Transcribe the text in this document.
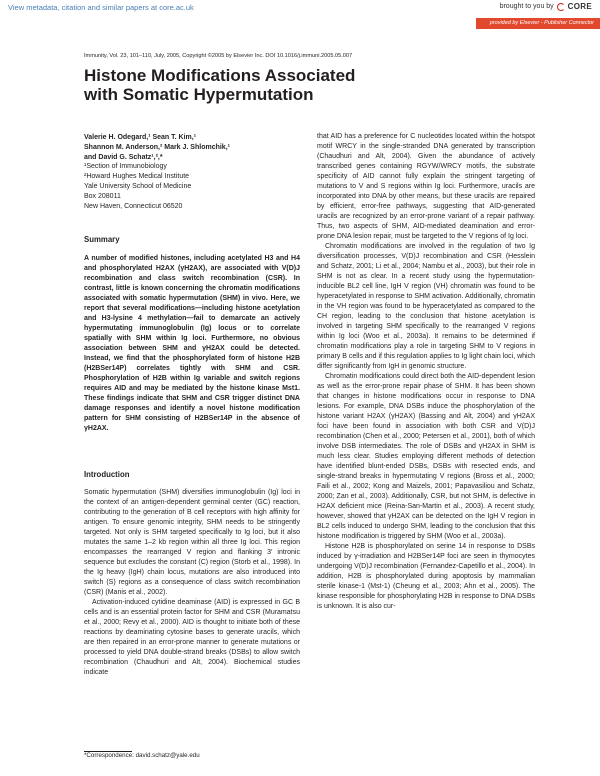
View metadata, citation and similar papers at core.ac.uk	brought to you by CORE
provided by Elsevier - Publisher Connector
Immunity, Vol. 23, 101–110, July, 2005, Copyright ©2005 by Elsevier Inc. DOI 10.1016/j.immuni.2005.05.007
Histone Modifications Associated with Somatic Hypermutation
Valerie H. Odegard,¹ Sean T. Kim,¹
Shannon M. Anderson,² Mark J. Shlomchik,¹
and David G. Schatz¹,²,*
¹Section of Immunobiology
²Howard Hughes Medical Institute
Yale University School of Medicine
Box 208011
New Haven, Connecticut 06520
Summary
A number of modified histones, including acetylated H3 and H4 and phosphorylated H2AX (γH2AX), are associated with V(D)J recombination and class switch recombination (CSR). In contrast, little is known concerning the chromatin modifications associated with somatic hypermutation (SHM) in vivo. Here, we report that several modifications—including histone acetylation and H3-lysine 4 methylation—fail to demarcate an actively hypermutating immunoglobulin (Ig) locus or to correlate spatially with SHM within Ig loci. Furthermore, no obvious association between SHM and γH2AX could be detected. Instead, we find that the phosphorylated form of histone H2B (H2BSer14P) correlates tightly with SHM and CSR. Phosphorylation of H2B within Ig variable and switch regions requires AID and may be mediated by the histone kinase Mst1. These findings indicate that SHM and CSR trigger distinct DNA damage responses and identify a novel histone modification pattern for SHM consisting of H2BSer14P in the absence of γH2AX.
Introduction

Somatic hypermutation (SHM) diversifies immunoglobulin (Ig) loci in the context of an antigen-dependent germinal center (GC) reaction, contributing to the generation of B cell receptors with high affinity for antigen. To ensure genomic integrity, SHM needs to be stringently targeted. Not only is SHM targeted specifically to Ig loci, but it also mutates the same 1–2 kb region within all three Ig loci. This region encompasses the rearranged V region and flanking 3′ intronic sequence but excludes the constant (C) region (Storb et al., 1998). In the Ig heavy (IgH) chain locus, mutations are also introduced into switch (S) regions as a consequence of class switch recombination (CSR) (Manis et al., 2002).

Activation-induced cytidine deaminase (AID) is expressed in GC B cells and is an essential protein factor for SHM and CSR (Muramatsu et al., 2000; Revy et al., 2000). AID is thought to initiate both of these reactions by deaminating cytosine bases to generate uracils, which are then repaired in an error-prone manner to generate mutations or processed to yield DNA double-strand breaks (DSBs) to allow switch recombination (Chaudhuri and Alt, 2004). Biochemical studies indicate

*Correspondence: david.schatz@yale.edu

that AID has a preference for C nucleotides located within the hotspot motif WRCY in the single-stranded DNA generated by transcription (Chaudhuri and Alt, 2004). Given the abundance of actively transcribed genes containing RGYW/WRCY motifs, the substrate specificity of AID cannot fully explain the stringent targeting of mutations to V and S regions within Ig loci. Furthermore, uracils are incorporated into DNA by other means, but these uracils are repaired by efficient, error-free pathways, suggesting that AID-generated uracils are recognized by an error-prone variant of a repair pathway. Thus, two aspects of SHM, AID-mediated deamination and error-prone DNA lesion repair, must be targeted to the V regions of Ig loci.

Chromatin modifications are involved in the regulation of two Ig diversification processes, V(D)J recombination and CSR (Hesslein and Schatz, 2001; Li et al., 2004; Nambu et al., 2003), but their role in SHM is not as clear. In a recent study using the hypermutation-inducible BL2 cell line, IgH V region (VH) chromatin was found to be hyperacetylated in response to SHM activation. Additionally, chromatin in the VH region was found to be hyperacetylated as compared to the CH region, leading to the conclusion that histone acetylation is involved in targeting SHM specifically to the rearranged V regions within Ig loci (Woo et al., 2003a). It remains to be determined if chromatin modifications play a role in targeting SHM to V regions in primary B cells and if this regulation applies to Ig light chain loci, which differ significantly from IgH in genomic structure.

Chromatin modifications could direct both the AID-dependent lesion as well as the error-prone repair phase of SHM. It has been shown that changes in histone modifications occur in response to DNA lesions. For example, DNA DSBs induce the phosphorylation of the histone variant H2AX (γH2AX) (Bassing and Alt, 2004) and γH2AX foci have been found in association with both CSR and V(D)J recombination (Chen et al., 2000; Petersen et al., 2001), both of which involve DSB intermediates. The role of DSBs and γH2AX in SHM is much less clear. Studies employing different methods of detection have identified blunt-ended DSBs, DSBs with resected ends, and single-strand breaks in hypermutating V regions (Bross et al., 2000; Faili et al., 2002; Kong and Maizels, 2001; Papavasiliou and Schatz, 2000; Zan et al., 2003). Additionally, CSR, but not SHM, is defective in H2AX deficient mice (Reina-San-Martin et al., 2003). A recent study, however, showed that γH2AX can be detected on the IgH V region in BL2 cells induced to undergo SHM, leading to the conclusion that this histone modification is triggered by SHM (Woo et al., 2003a).

Histone H2B is phosphorylated on serine 14 in response to DSBs induced by γ-irradiation and H2BSer14P foci are seen in thymocytes undergoing V(D)J recombination (Fernandez-Capetillo et al., 2004). In addition, H2B is phosphorylated during apoptosis by mammalian sterile kinase-1 (Mst-1) (Cheung et al., 2003; Ahn et al., 2005). The kinase responsible for phosphorylating H2B in response to DNA DSBs is unknown. It is also cur-
